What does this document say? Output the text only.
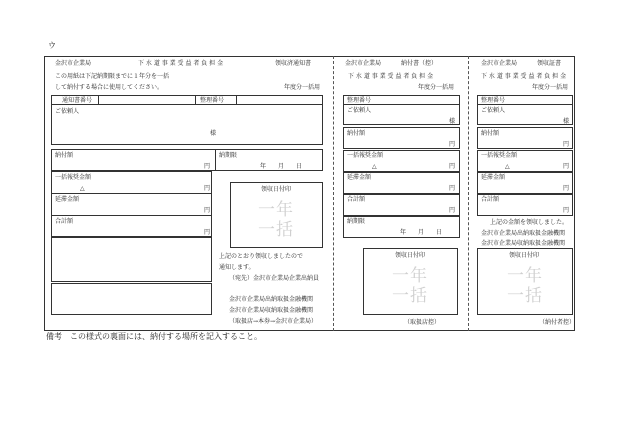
ウ
金沢市企業局	下 水 道 事 業 受 益 者 負 担 金	領収済通知書
この用紙は下記納期限までに１年分を一括
して納付する場合に使用してください。	年度分一括用
通知書番号	整理番号
ご依頼人
様
納付額
円
納期限
年　　月　　日
一括報奨金額
△	円
延滞金額
円
合計額
円
領収日付印
一年
一括
上記のとおり領収しましたので
通知します。
（宛先）金沢市企業局企業出納員
金沢市企業局出納取扱金融機関
金沢市企業局収納取扱金融機関
（取扱店→本券→金沢市企業局）
金沢市企業局	納付書（控）
下 水 道 事 業 受 益 者 負 担 金
年度分一括用
整理番号
ご依頼人
様
納付額
円
一括報奨金額
△	円
延滞金額
円
合計額
円
納期限
年　　月　　日
領収日付印
一年
一括
（取扱店控）
金沢市企業局	領収証書
下 水 道 事 業 受 益 者 負 担 金
年度分一括用
整理番号
ご依頼人
様
納付額
円
一括報奨金額
△	円
延滞金額
円
合計額
円
上記の金額を領収しました。
金沢市企業局出納取扱金融機関
金沢市企業局収納取扱金融機関
領収日付印
一年
一括
（納付者控）
備考　この様式の裏面には、納付する場所を記入すること。
